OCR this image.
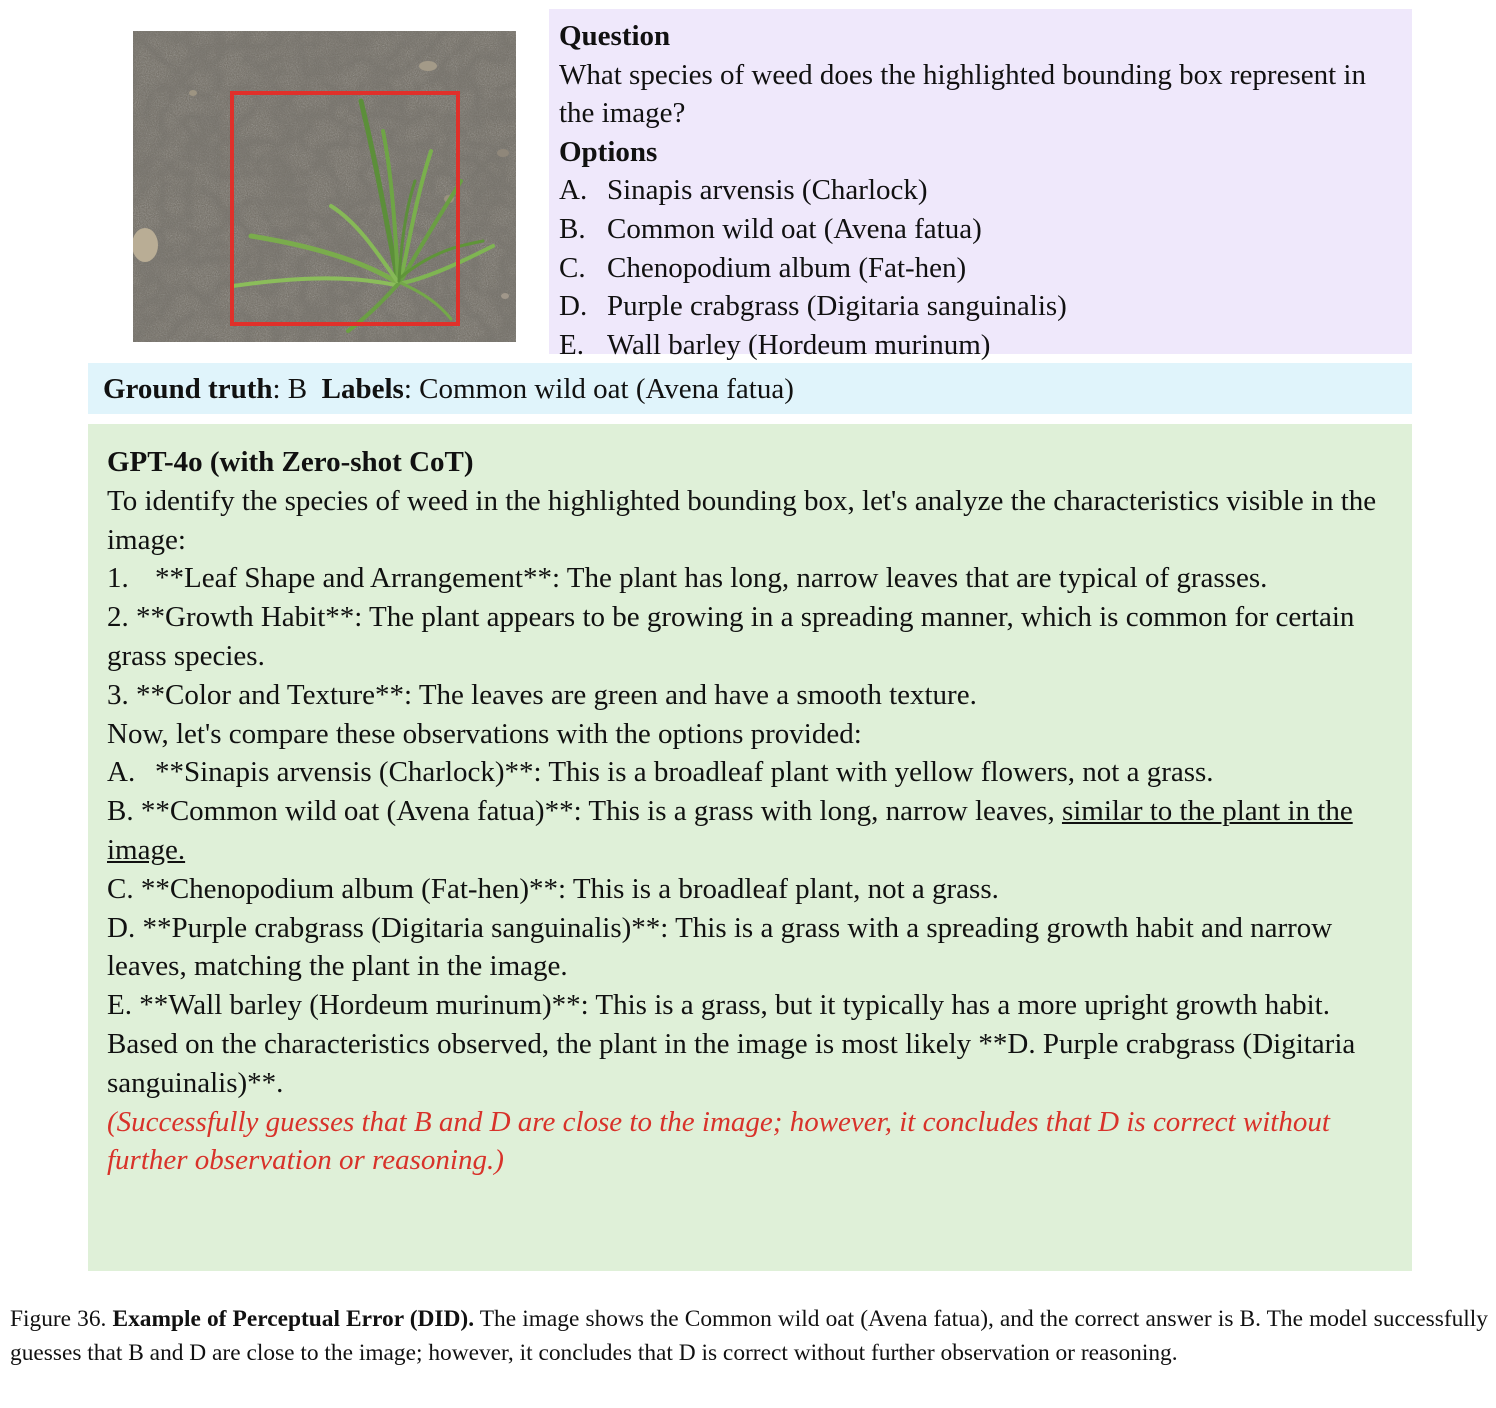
Question
What species of weed does the highlighted bounding box represent in the image?
Options
A. Sinapis arvensis (Charlock)
B. Common wild oat (Avena fatua)
C. Chenopodium album (Fat-hen)
D. Purple crabgrass (Digitaria sanguinalis)
E. Wall barley (Hordeum murinum)
Ground truth: B Labels: Common wild oat (Avena fatua)
GPT-4o (with Zero-shot CoT)
To identify the species of weed in the highlighted bounding box, let's analyze the characteristics visible in the image:
1. **Leaf Shape and Arrangement**: The plant has long, narrow leaves that are typical of grasses.
2. **Growth Habit**: The plant appears to be growing in a spreading manner, which is common for certain grass species.
3. **Color and Texture**: The leaves are green and have a smooth texture.
Now, let's compare these observations with the options provided:
A. **Sinapis arvensis (Charlock)**: This is a broadleaf plant with yellow flowers, not a grass.
B. **Common wild oat (Avena fatua)**: This is a grass with long, narrow leaves, similar to the plant in the image.
C. **Chenopodium album (Fat-hen)**: This is a broadleaf plant, not a grass.
D. **Purple crabgrass (Digitaria sanguinalis)**: This is a grass with a spreading growth habit and narrow leaves, matching the plant in the image.
E. **Wall barley (Hordeum murinum)**: This is a grass, but it typically has a more upright growth habit.
Based on the characteristics observed, the plant in the image is most likely **D. Purple crabgrass (Digitaria sanguinalis)**.
(Successfully guesses that B and D are close to the image; however, it concludes that D is correct without further observation or reasoning.)
Figure 36. Example of Perceptual Error (DID). The image shows the Common wild oat (Avena fatua), and the correct answer is B. The model successfully guesses that B and D are close to the image; however, it concludes that D is correct without further observation or reasoning.
